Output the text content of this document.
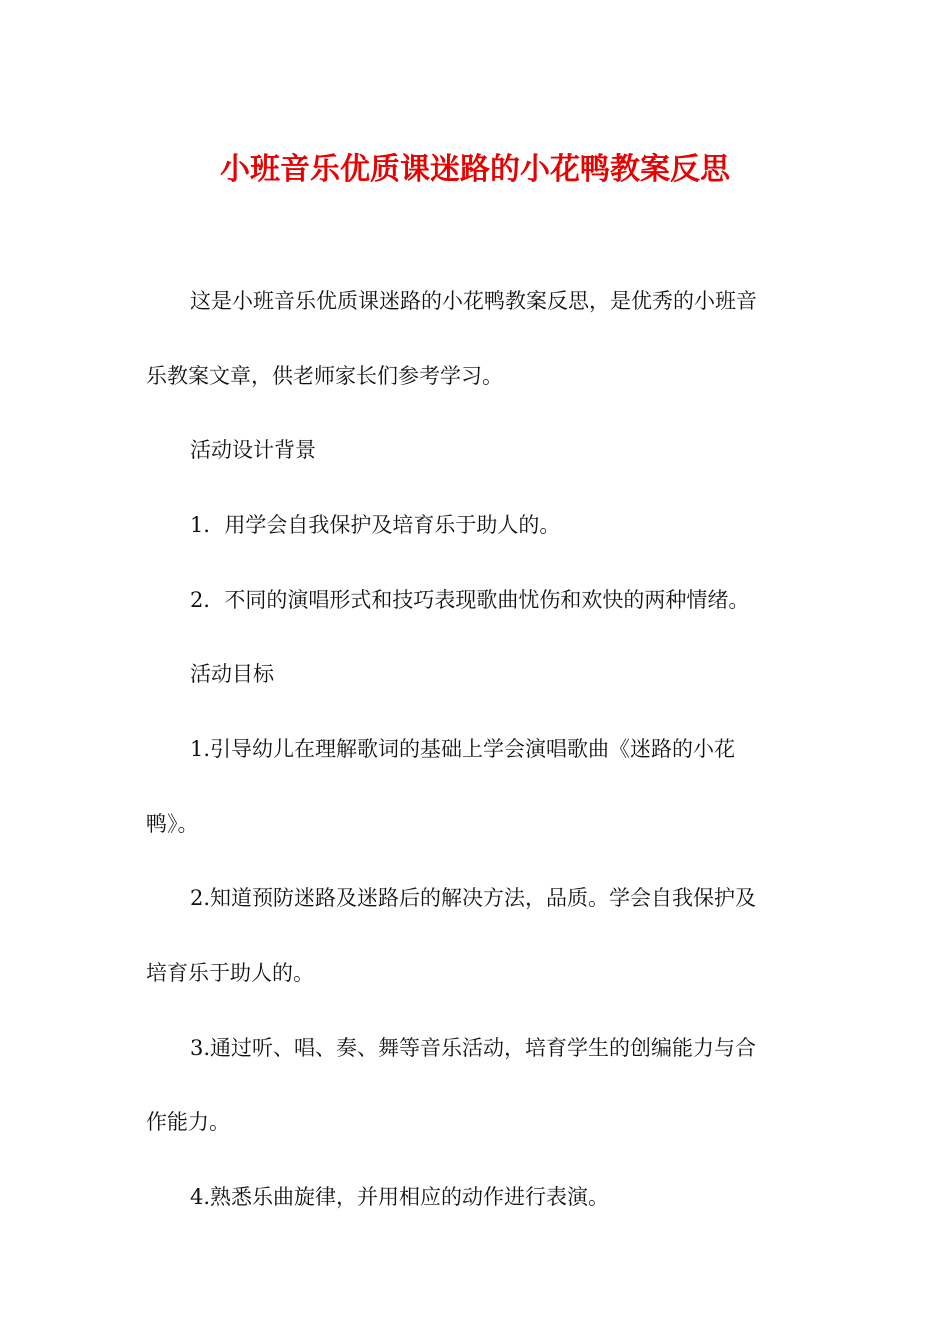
小班音乐优质课迷路的小花鸭教案反思

这是小班音乐优质课迷路的小花鸭教案反思，是优秀的小班音

乐教案文章，供老师家长们参考学习。

活动设计背景

1．用学会自我保护及培育乐于助人的。

2．不同的演唱形式和技巧表现歌曲忧伤和欢快的两种情绪。

活动目标

1.引导幼儿在理解歌词的基础上学会演唱歌曲《迷路的小花

鸭》。

2.知道预防迷路及迷路后的解决方法，品质。学会自我保护及

培育乐于助人的。

3.通过听、唱、奏、舞等音乐活动，培育学生的创编能力与合

作能力。

4.熟悉乐曲旋律，并用相应的动作进行表演。
